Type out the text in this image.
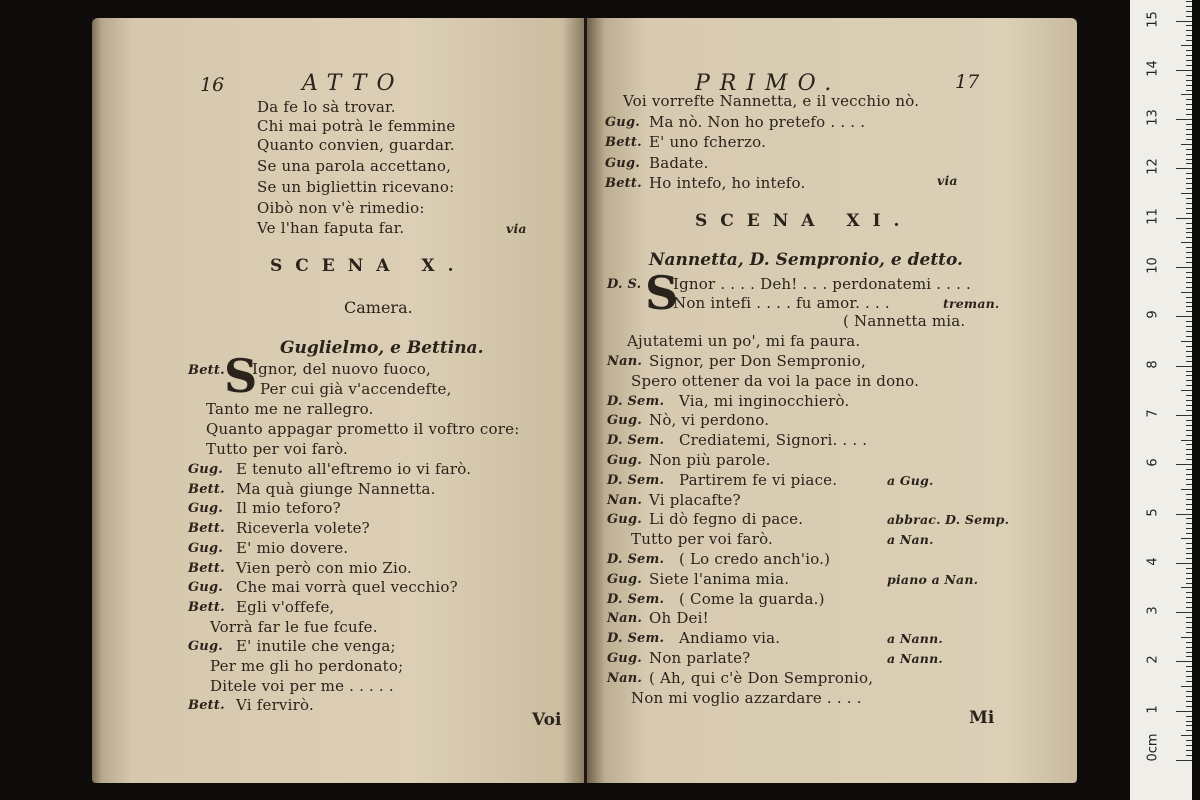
16	ATTO
Da fe lo sà trovar.
Chi mai potrà le femmine
Quanto convien, guardar.
Se una parola accettano,
Se un bigliettin ricevano:
Oibò non v'è rimedio:
Ve l'han faputa far.	via
SCENA X.
Camera.
Guglielmo, e Bettina.
Bett. S
Ignor, del nuovo fuoco,
Per cui già v'accendefte,
Tanto me ne rallegro.
Quanto appagar prometto il voftro core:
Tutto per voi farò.
Gug. E tenuto all'eftremo io vi farò.
Bett. Ma quà giunge Nannetta.
Gug. Il mio teforo?
Bett. Riceverla volete?
Gug. E' mio dovere.
Bett. Vien però con mio Zio.
Gug. Che mai vorrà quel vecchio?
Bett. Egli v'offefe,
Vorrà far le fue fcufe.
Gug. E' inutile che venga;
Per me gli ho perdonato;
Ditele voi per me . . . . .
Bett. Vi fervirò.
Voi
PRIMO.	17
Voi vorrefte Nannetta, e il vecchio nò.
Gug. Ma nò. Non ho pretefo . . . .
Bett. E' uno fcherzo.
Gug. Badate.
Bett. Ho intefo, ho intefo.	via
SCENA XI.
Nannetta, D. Sempronio, e detto.
D. S. S
Ignor . . . . Deh! . . . perdonatemi . . . .
Non intefi . . . . fu amor. . . .	treman.
( Nannetta mia.
Ajutatemi un po', mi fa paura.
Nan. Signor, per Don Sempronio,
Spero ottener da voi la pace in dono.
D. Sem. Via, mi inginocchierò.
Gug. Nò, vi perdono.
D. Sem. Crediatemi, Signori. . . .
Gug. Non più parole.
D. Sem. Partirem fe vi piace.	a Gug.
Nan. Vi placafte?
Gug. Li dò fegno di pace.	abbrac. D. Semp.
Tutto per voi farò.	a Nan.
D. Sem. ( Lo credo anch'io.)
Gug. Siete l'anima mia.	piano a Nan.
D. Sem. ( Come la guarda.)
Nan. Oh Dei!
D. Sem. Andiamo via.	a Nann.
Gug. Non parlate?	a Nann.
Nan. ( Ah, qui c'è Don Sempronio,
Non mi voglio azzardare . . . .
Mi
0cm
1
2
3
4
5
6
7
8
9
10
11
12
13
14
15
